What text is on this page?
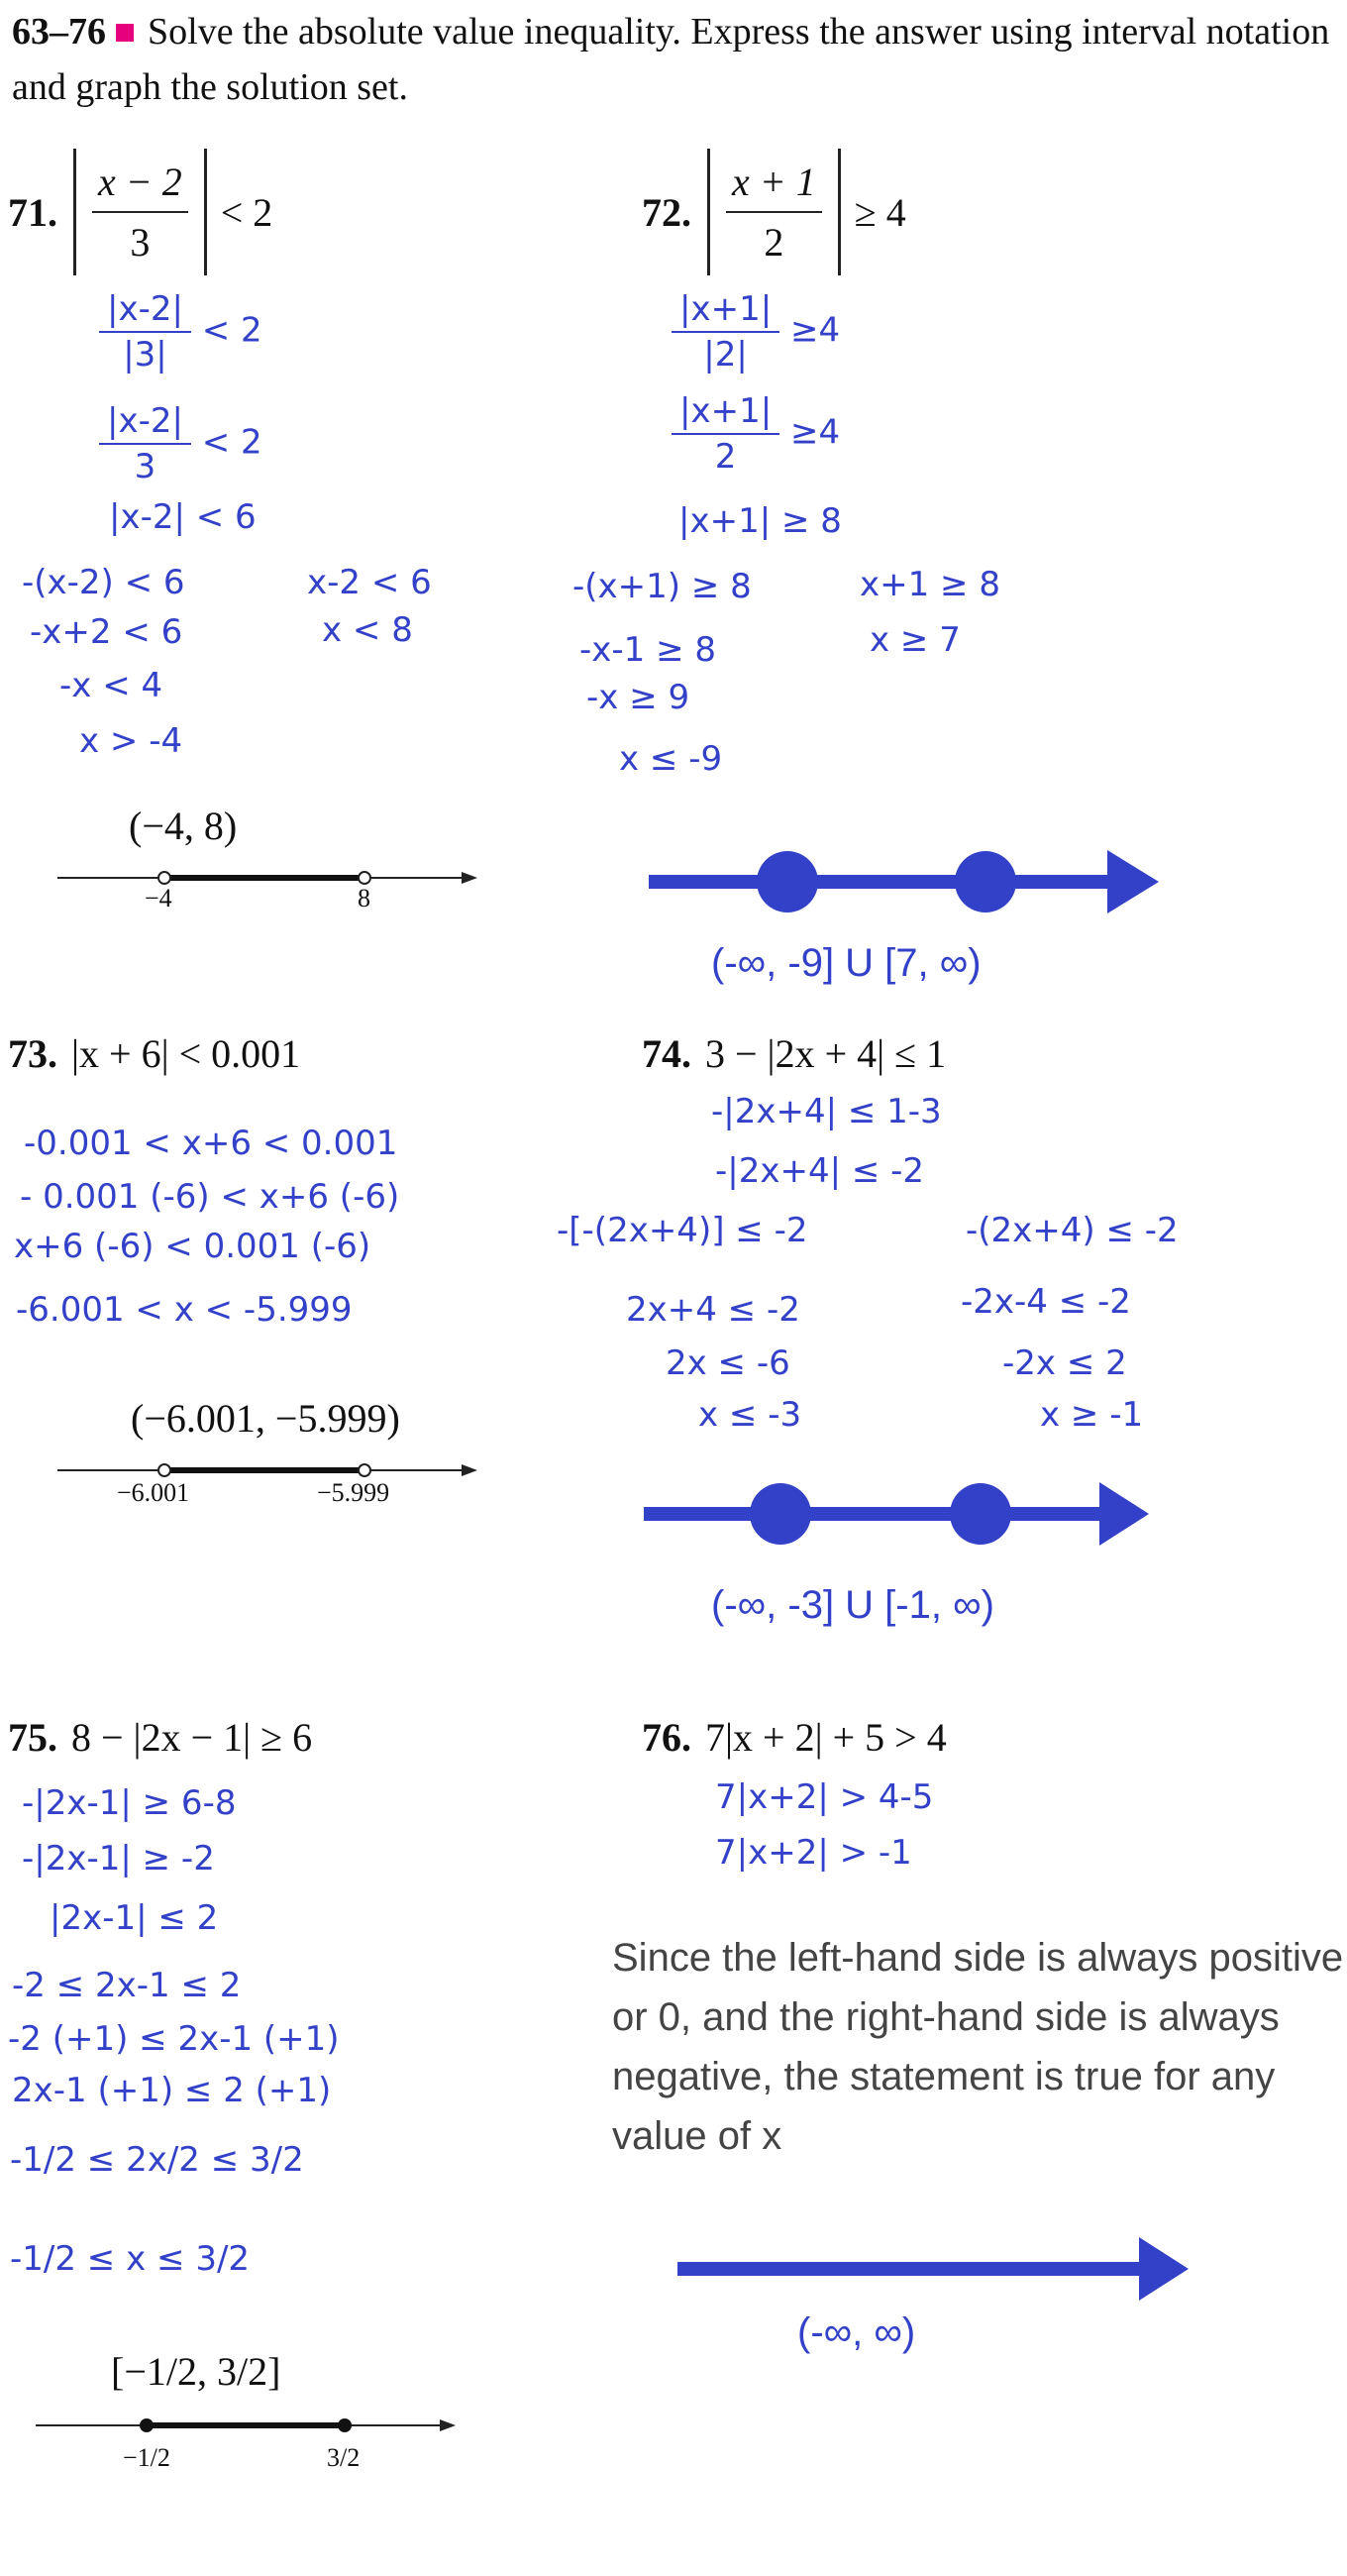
63–76 Solve the absolute value inequality. Express the answer using interval notation and graph the solution set.
71. $\frac{x - 2}{3} < 2$
$\frac{|x-2|}{|3|} < 2$
$\frac{|x-2|}{3} < 2$
|x-2| < 6
-(x-2) < 6	x-2 < 6
-x+2 < 6	x < 8
-x < 4
x > -4
(−4, 8)
−4	8
72. $\frac{x + 1}{2} \ge 4$
$\frac{|x+1|}{|2|} \ge 4$
$\frac{|x+1|}{2} \ge 4$
|x+1| ≥ 8
-(x+1) ≥ 8	x+1 ≥ 8
-x-1 ≥ 8	x ≥ 7
-x ≥ 9
x ≤ -9
(-∞, -9] U [7, ∞)
73. |x + 6| < 0.001
-0.001 < x+6 < 0.001
- 0.001 (-6) < x+6 (-6)
x+6 (-6) < 0.001 (-6)
-6.001 < x < -5.999
(−6.001, −5.999)
−6.001	−5.999
74. 3 − |2x + 4| ≤ 1
-|2x+4| ≤ 1-3
-|2x+4| ≤ -2
-[-(2x+4)] ≤ -2	-(2x+4) ≤ -2
2x+4 ≤ -2	-2x-4 ≤ -2
2x ≤ -6	-2x ≤ 2
x ≤ -3	x ≥ -1
(-∞, -3] U [-1, ∞)
75. 8 − |2x − 1| ≥ 6
-|2x-1| ≥ 6-8
-|2x-1| ≥ -2
|2x-1| ≤ 2
-2 ≤ 2x-1 ≤ 2
-2 (+1) ≤ 2x-1 (+1)
2x-1 (+1) ≤ 2 (+1)
-1/2 ≤ 2x/2 ≤ 3/2
-1/2 ≤ x ≤ 3/2
[−1/2, 3/2]
−1/2	3/2
76. 7|x + 2| + 5 > 4
7|x+2| > 4-5
7|x+2| > -1
Since the left-hand side is always positive or 0, and the right-hand side is always negative, the statement is true for any value of x
(-∞, ∞)
